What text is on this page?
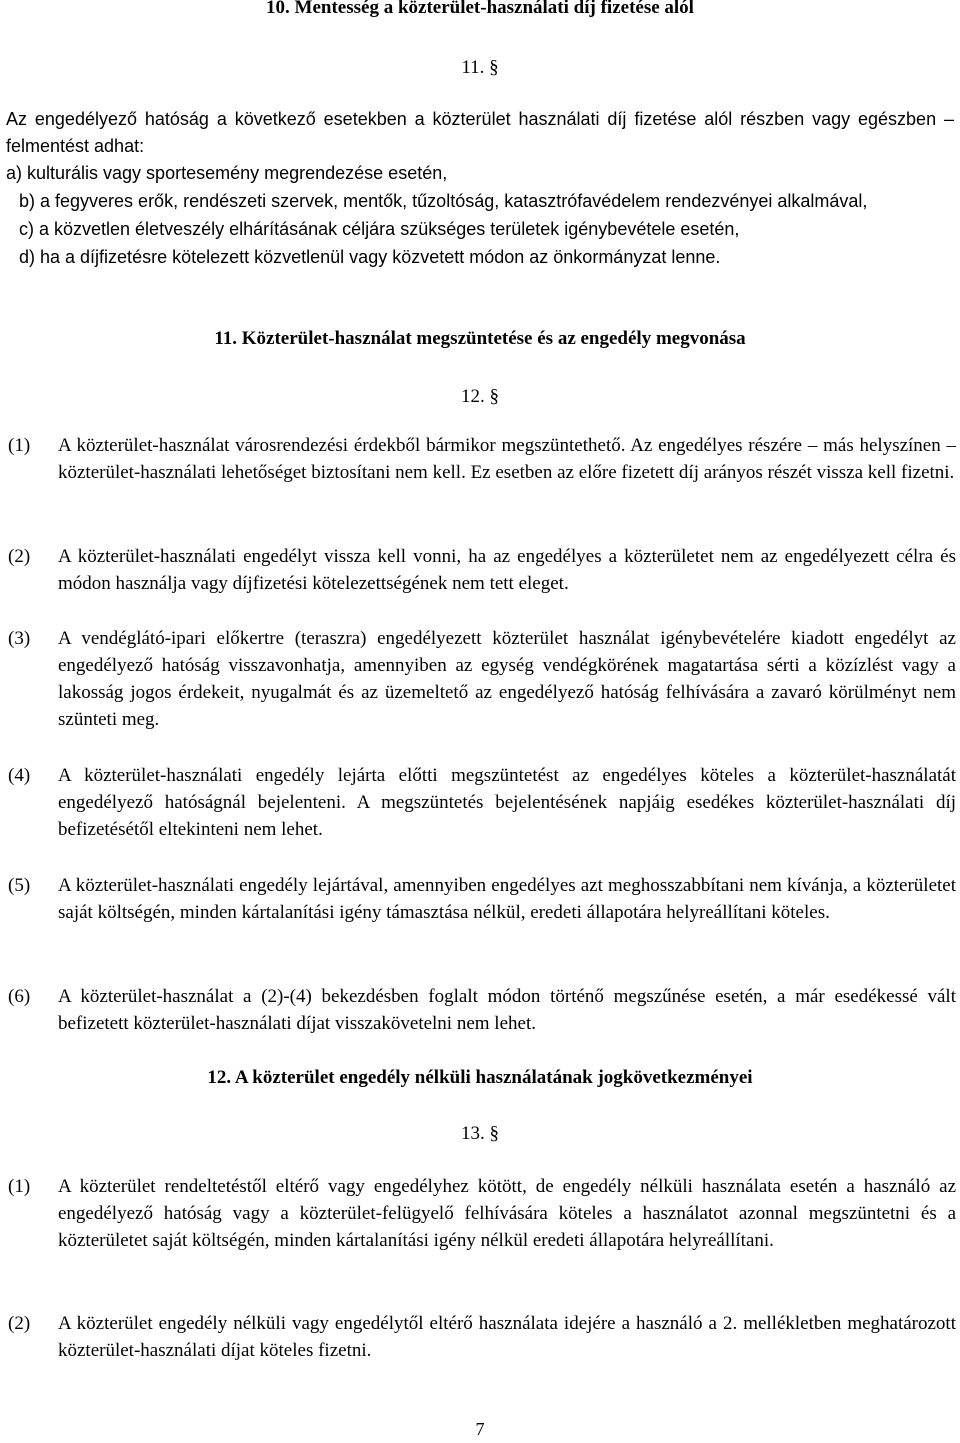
10. Mentesség a közterület-használati díj fizetése alól
11. §
Az engedélyező hatóság a következő esetekben a közterület használati díj fizetése alól részben vagy egészben – felmentést adhat:
a) kulturális vagy sportesemény megrendezése esetén,
b) a fegyveres erők, rendészeti szervek, mentők, tűzoltóság, katasztrófavédelem rendezvényei alkalmával,
c) a közvetlen életveszély elhárításának céljára szükséges területek igénybevétele esetén,
d) ha a díjfizetésre kötelezett közvetlenül vagy közvetett módon az önkormányzat lenne.
11. Közterület-használat megszüntetése és az engedély megvonása
12. §
(1)	A közterület-használat városrendezési érdekből bármikor megszüntethető. Az engedélyes részére – más helyszínen – közterület-használati lehetőséget biztosítani nem kell. Ez esetben az előre fizetett díj arányos részét vissza kell fizetni.
(2)	A közterület-használati engedélyt vissza kell vonni, ha az engedélyes a közterületet nem az engedélyezett célra és módon használja vagy díjfizetési kötelezettségének nem tett eleget.
(3)	A vendéglátó-ipari előkertre (teraszra) engedélyezett közterület használat igénybevételére kiadott engedélyt az engedélyező hatóság visszavonhatja, amennyiben az egység vendégkörének magatartása sérti a közízlést vagy a lakosság jogos érdekeit, nyugalmát és az üzemeltető az engedélyező hatóság felhívására a zavaró körülményt nem szünteti meg.
(4)	A közterület-használati engedély lejárta előtti megszüntetést az engedélyes köteles a közterület-használatát engedélyező hatóságnál bejelenteni. A megszüntetés bejelentésének napjáig esedékes közterület-használati díj befizetésétől eltekinteni nem lehet.
(5)	A közterület-használati engedély lejártával, amennyiben engedélyes azt meghosszabbítani nem kívánja, a közterületet saját költségén, minden kártalanítási igény támasztása nélkül, eredeti állapotára helyreállítani köteles.
(6)	A közterület-használat a (2)-(4) bekezdésben foglalt módon történő megszűnése esetén, a már esedékessé vált befizetett közterület-használati díjat visszakövetelni nem lehet.
12. A közterület engedély nélküli használatának jogkövetkezményei
13. §
(1)	A közterület rendeltetéstől eltérő vagy engedélyhez kötött, de engedély nélküli használata esetén a használó az engedélyező hatóság vagy a közterület-felügyelő felhívására köteles a használatot azonnal megszüntetni és a közterületet saját költségén, minden kártalanítási igény nélkül eredeti állapotára helyreállítani.
(2)	A közterület engedély nélküli vagy engedélytől eltérő használata idejére a használó a 2. mellékletben meghatározott közterület-használati díjat köteles fizetni.
7
